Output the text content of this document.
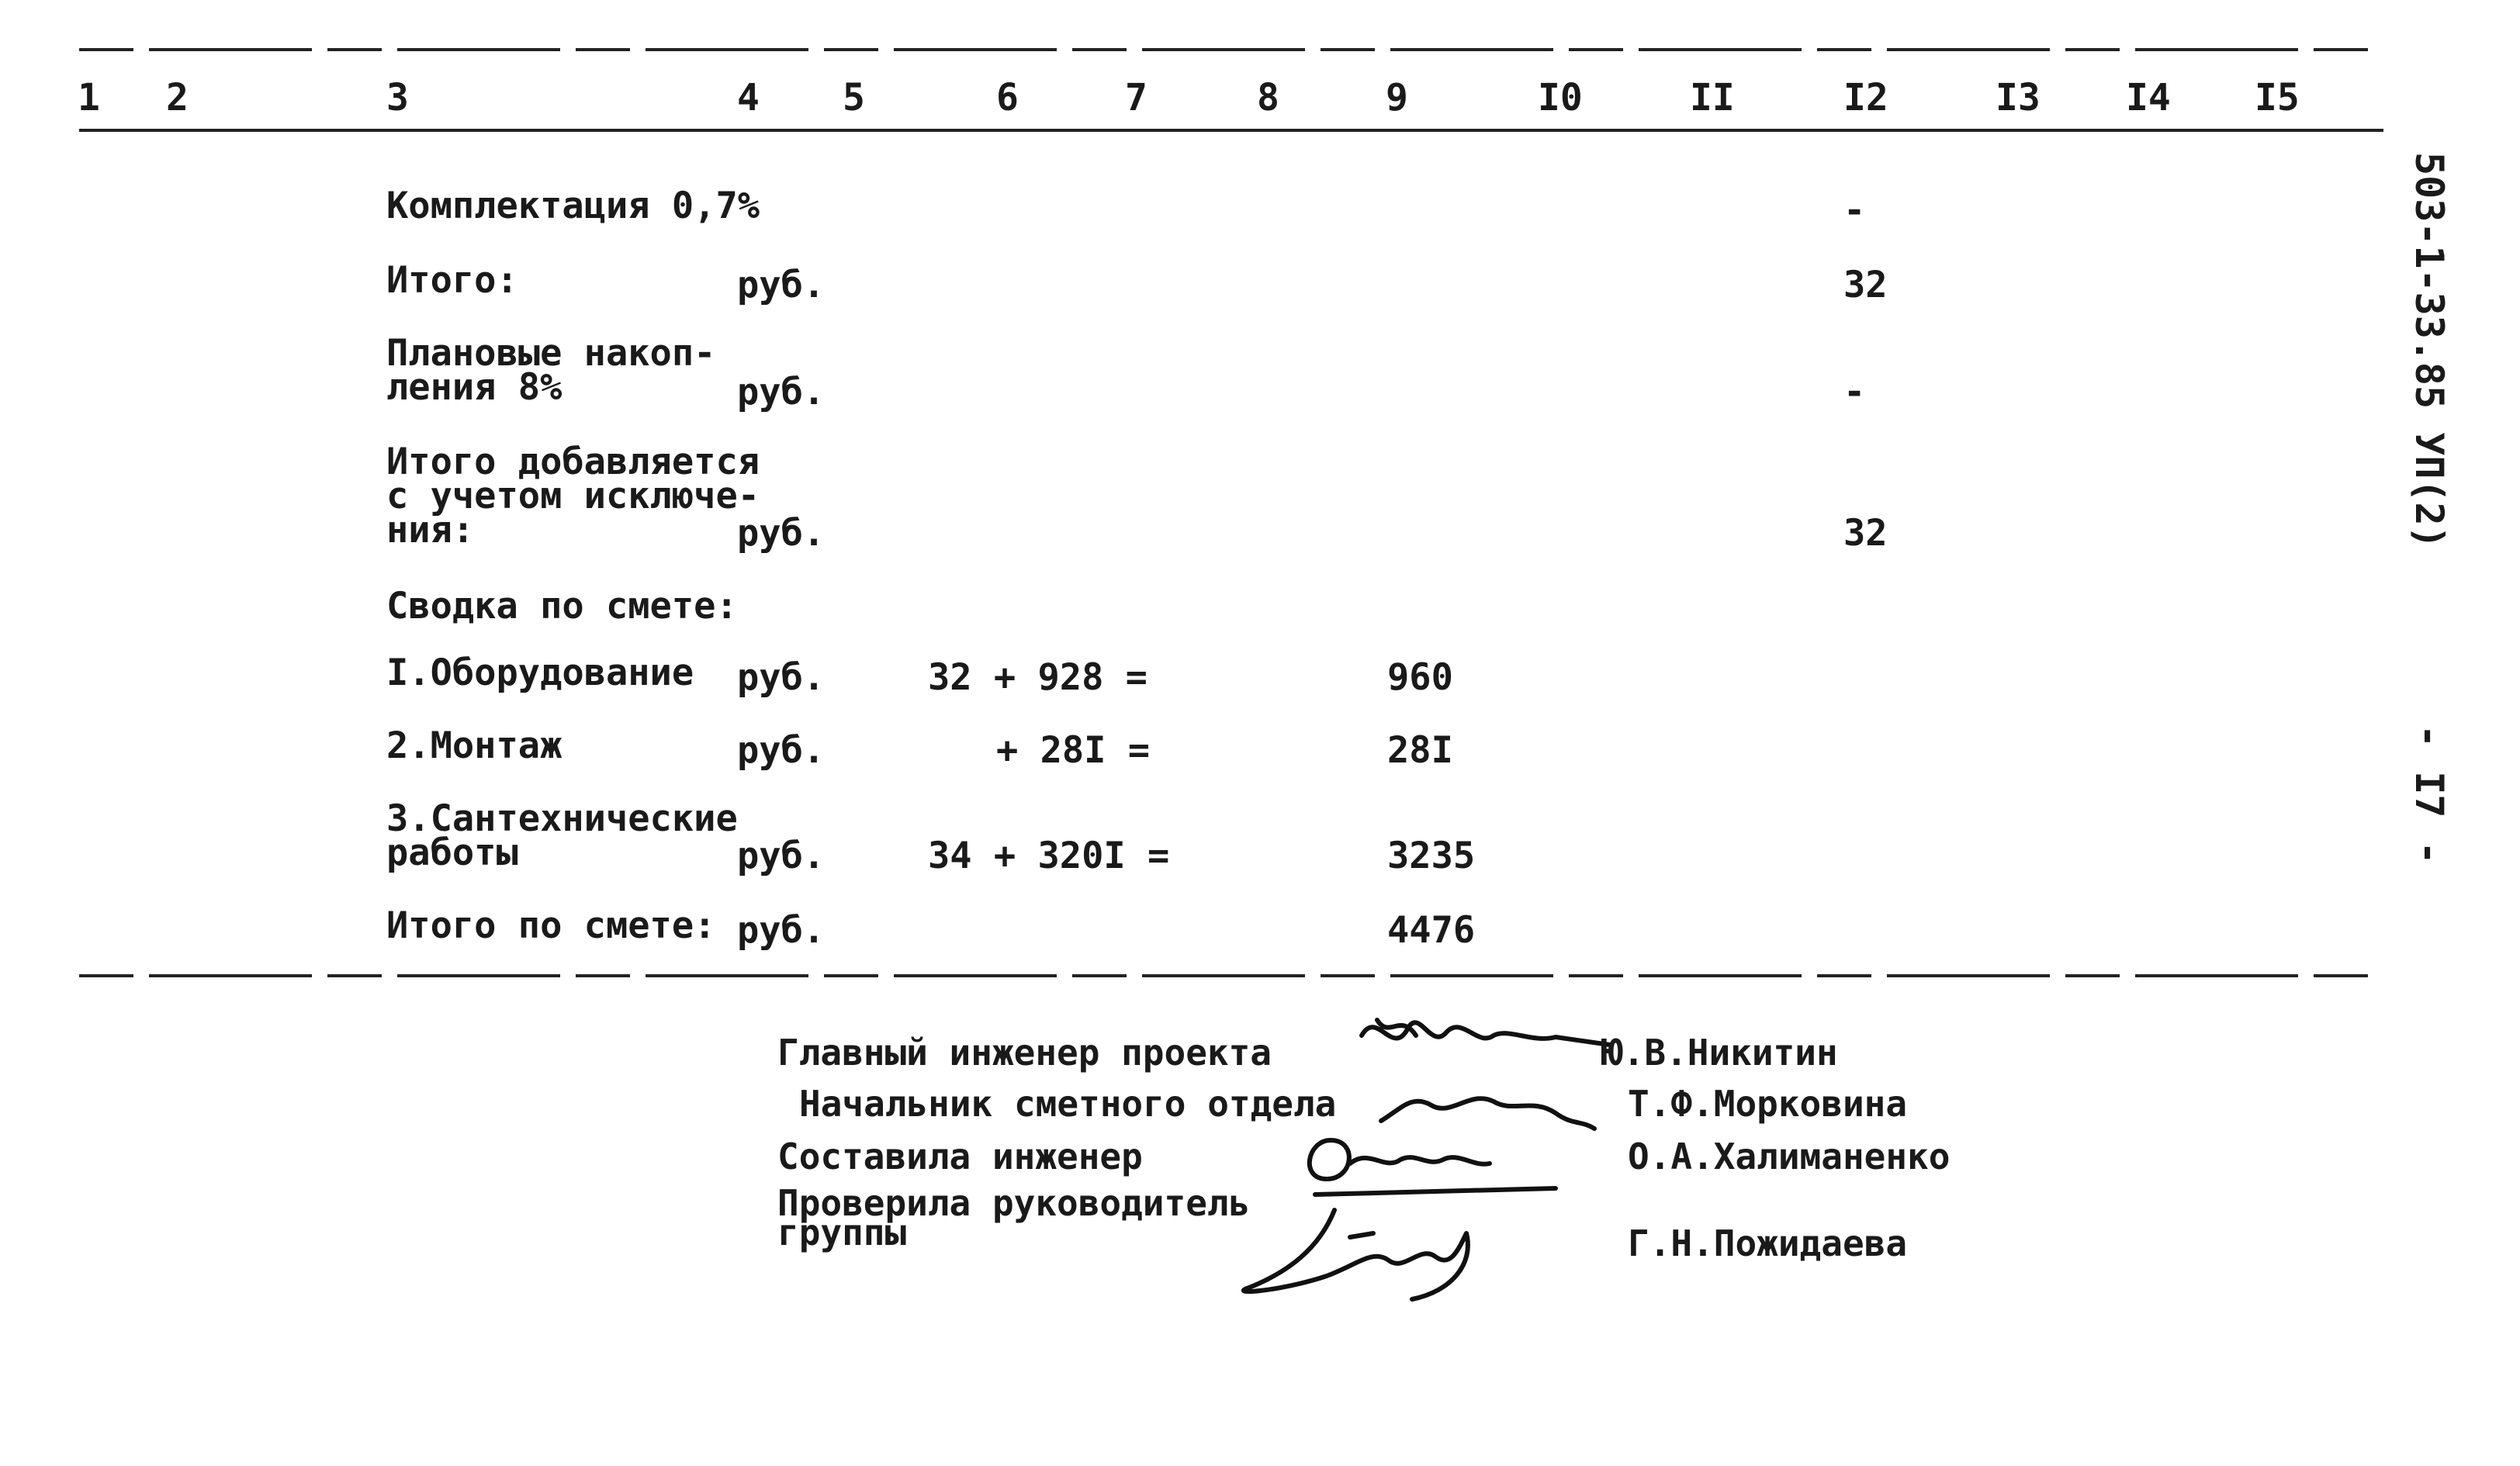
1 2	3	4 5	6	7	8	9	I0	II	I2	I3 I4 I5
Комплектация 0,7%	-
Итого:	руб.	32
Плановые накоп-
ления 8%	руб.	-
Итого добавляется
с учетом исключе-
ния:	руб.	32
Сводка по смете:
I.Оборудование руб.	32 + 928 =	960
2.Монтаж	руб.	+ 28I =	28I
3.Сантехнические
работы	руб.	34 + 320I =	3235
Итого по смете: руб.	4476
Главный инженер проекта	Ю.В.Никитин
Начальник сметного отдела	Т.Ф.Морковина
Составила инженер	О.А.Халиманенко
Проверила руководитель
группы	Г.Н.Пожидаева
503-1-33.85 УП(2)
- I7 -
